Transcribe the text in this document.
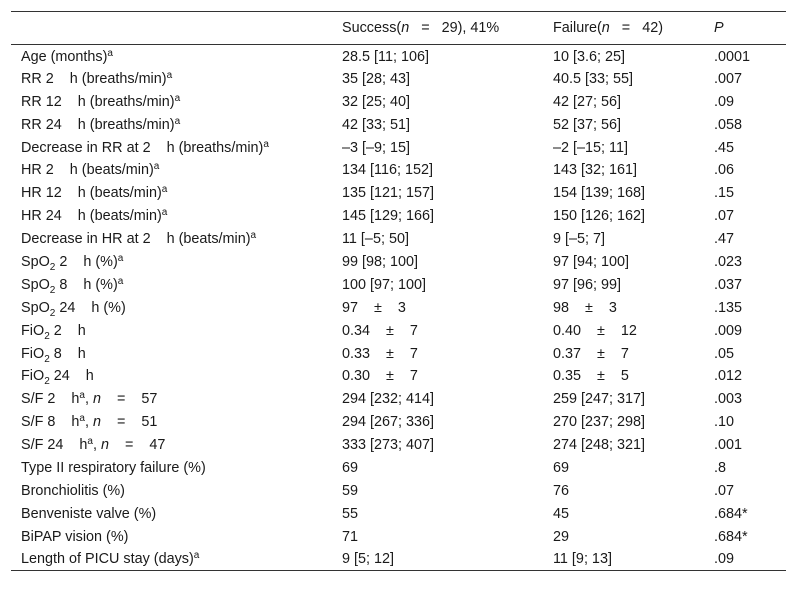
	Success(n   =   29), 41%	Failure(n   =   42)	P
Age (months)$^a$	28.5 [11; 106]	10 [3.6; 25]	.0001
RR 2    h (breaths/min)$^a$	35 [28; 43]	40.5 [33; 55]	.007
RR 12    h (breaths/min)$^a$	32 [25; 40]	42 [27; 56]	.09
RR 24    h (breaths/min)$^a$	42 [33; 51]	52 [37; 56]	.058
Decrease in RR at 2    h (breaths/min)$^a$	–3 [–9; 15]	–2 [–15; 11]	.45
HR 2    h (beats/min)$^a$	134 [116; 152]	143 [32; 161]	.06
HR 12    h (beats/min)$^a$	135 [121; 157]	154 [139; 168]	.15
HR 24    h (beats/min)$^a$	145 [129; 166]	150 [126; 162]	.07
Decrease in HR at 2    h (beats/min)$^a$	11 [–5; 50]	9 [–5; 7]	.47
SpO$_2$ 2    h (%)$^a$	99 [98; 100]	97 [94; 100]	.023
SpO$_2$ 8    h (%)$^a$	100 [97; 100]	97 [96; 99]	.037
SpO$_2$ 24    h (%)	97    ±    3	98    ±    3	.135
FiO$_2$ 2    h	0.34    ±    7	0.40    ±    12	.009
FiO$_2$ 8    h	0.33    ±    7	0.37    ±    7	.05
FiO$_2$ 24    h	0.30    ±    7	0.35    ±    5	.012
S/F 2    $h^a$, n    =    57	294 [232; 414]	259 [247; 317]	.003
S/F 8    $h^a$, n    =    51	294 [267; 336]	270 [237; 298]	.10
S/F 24    $h^a$, n    =    47	333 [273; 407]	274 [248; 321]	.001
Type II respiratory failure (%)	69	69	.8
Bronchiolitis (%)	59	76	.07
Benveniste valve (%)	55	45	.684*
BiPAP vision (%)	71	29	.684*
Length of PICU stay (days)$^a$	9 [5; 12]	11 [9; 13]	.09
